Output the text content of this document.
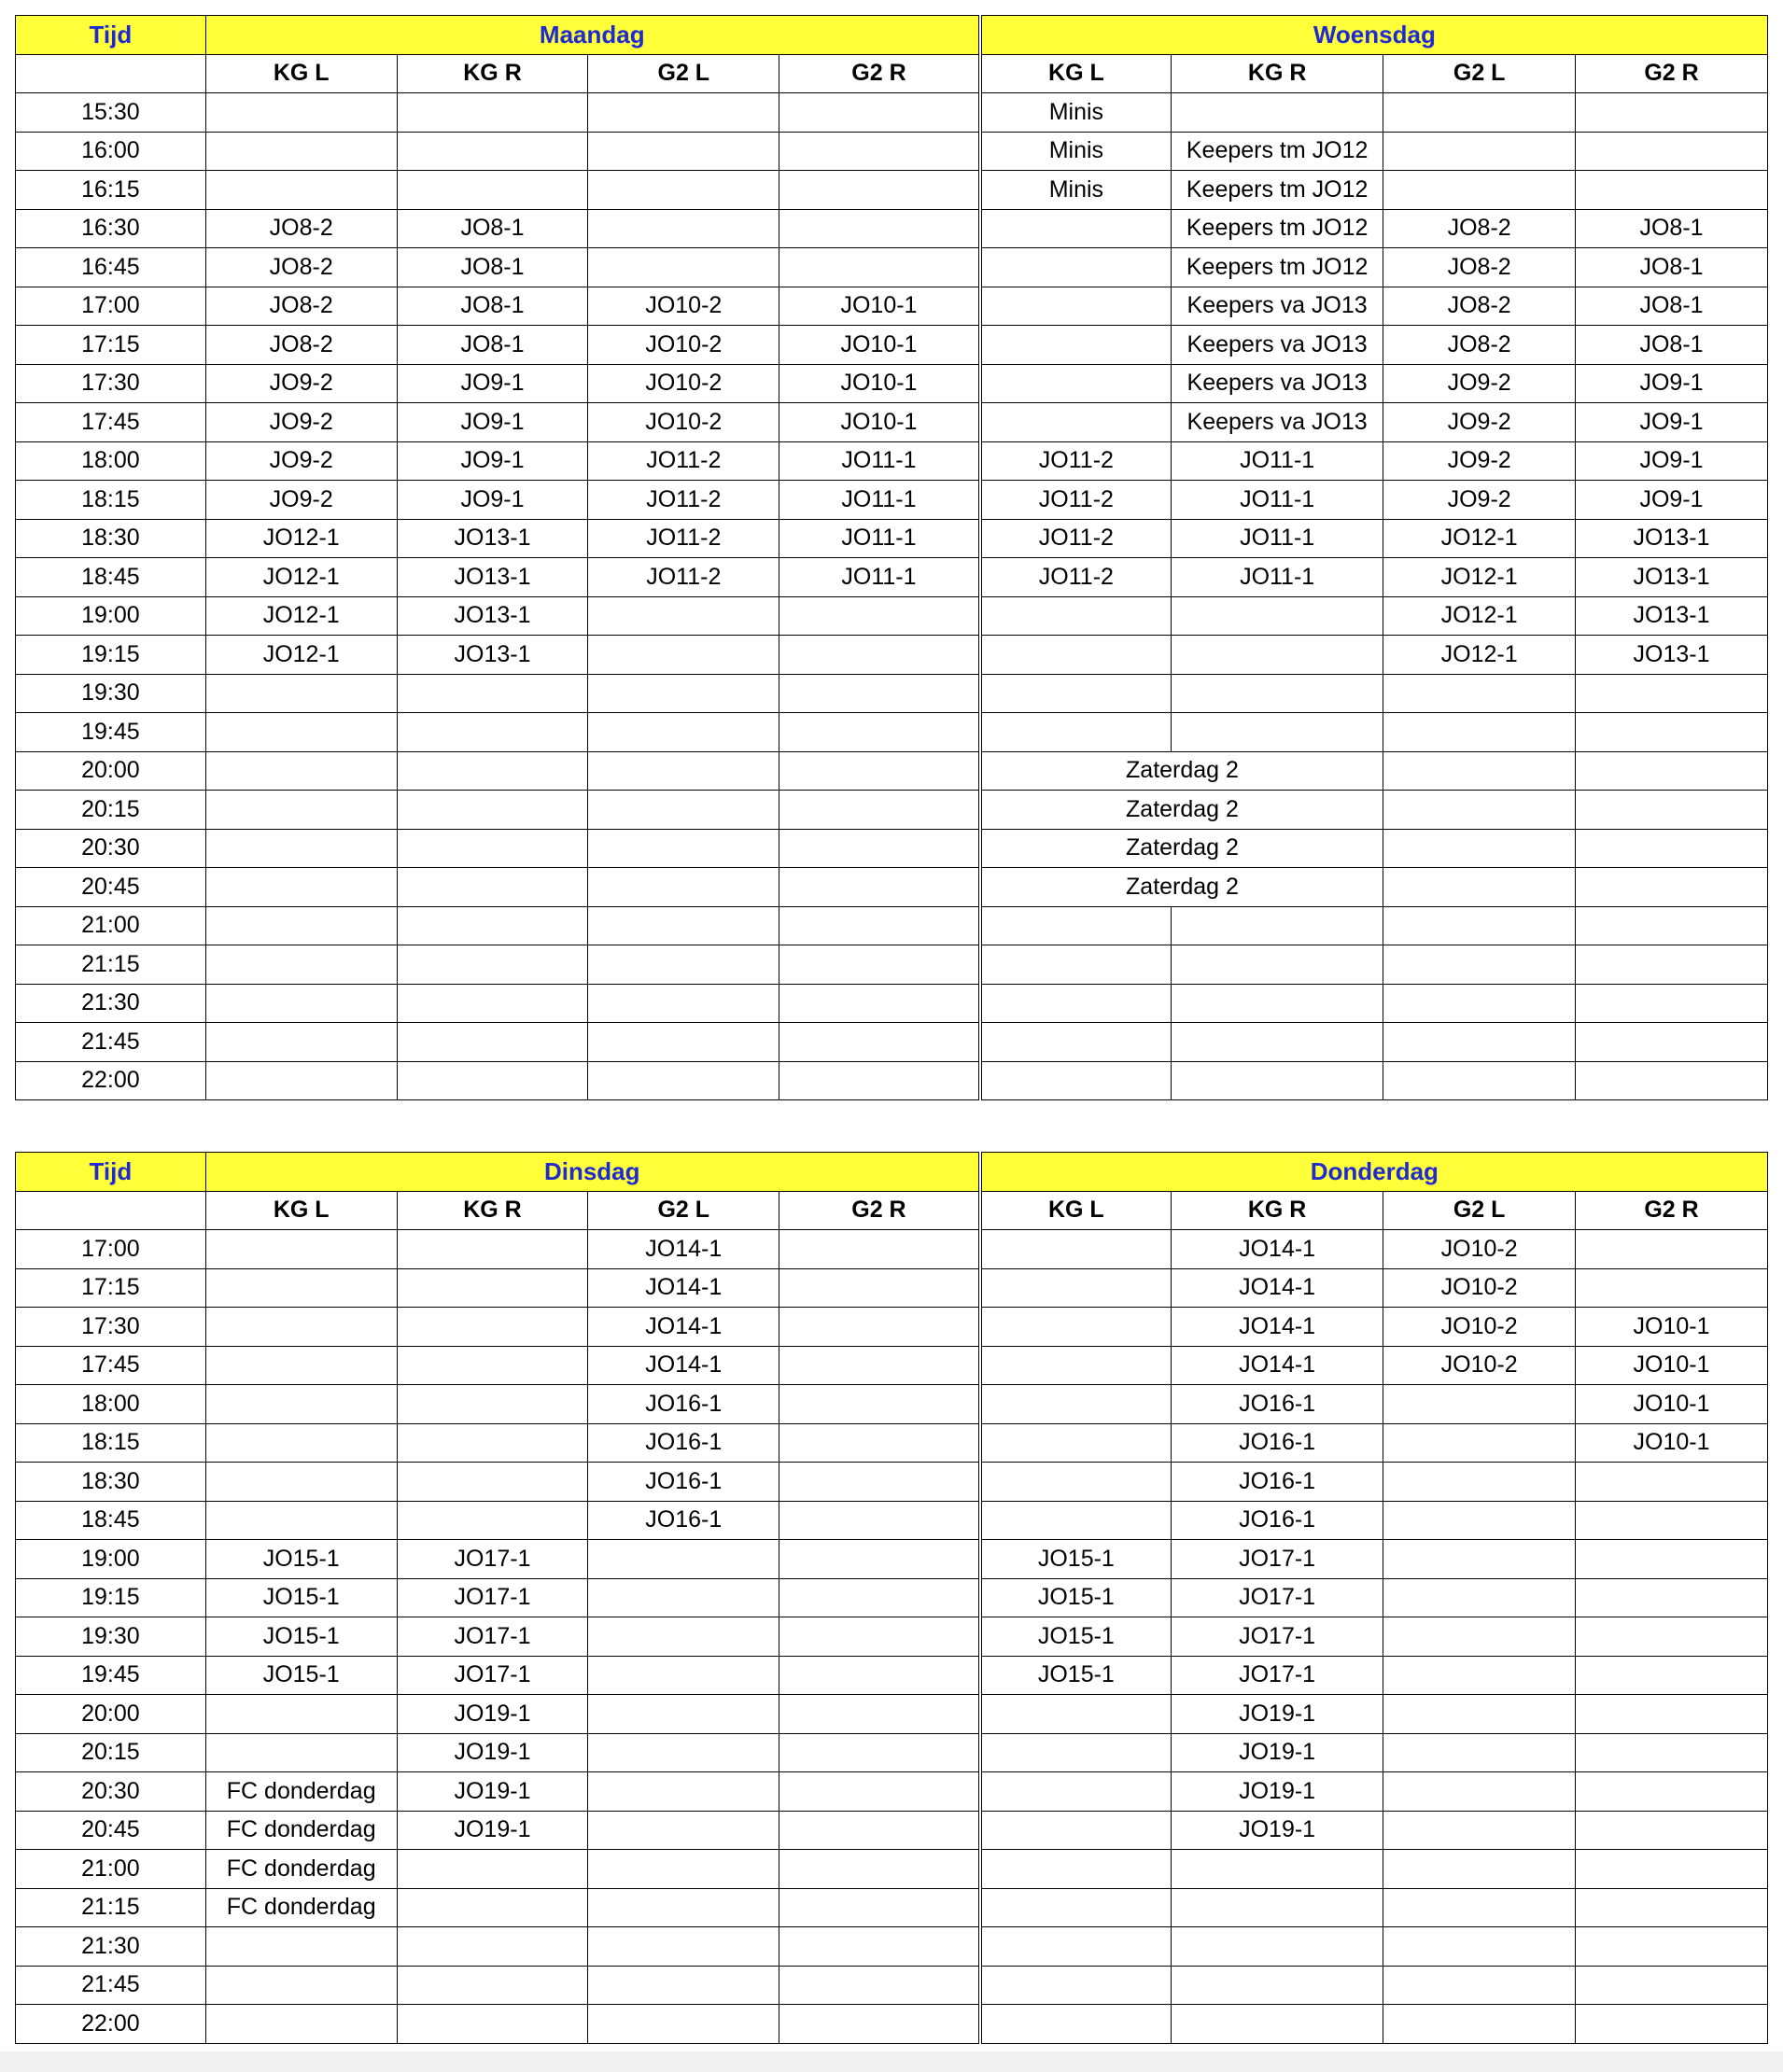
Tijd	Maandag				Woensdag			
	KG L	KG R	G2 L	G2 R	KG L	KG R	G2 L	G2 R
15:30					Minis			
16:00					Minis	Keepers tm JO12		
16:15					Minis	Keepers tm JO12		
16:30	JO8-2	JO8-1				Keepers tm JO12	JO8-2	JO8-1
16:45	JO8-2	JO8-1				Keepers tm JO12	JO8-2	JO8-1
17:00	JO8-2	JO8-1	JO10-2	JO10-1		Keepers va JO13	JO8-2	JO8-1
17:15	JO8-2	JO8-1	JO10-2	JO10-1		Keepers va JO13	JO8-2	JO8-1
17:30	JO9-2	JO9-1	JO10-2	JO10-1		Keepers va JO13	JO9-2	JO9-1
17:45	JO9-2	JO9-1	JO10-2	JO10-1		Keepers va JO13	JO9-2	JO9-1
18:00	JO9-2	JO9-1	JO11-2	JO11-1	JO11-2	JO11-1	JO9-2	JO9-1
18:15	JO9-2	JO9-1	JO11-2	JO11-1	JO11-2	JO11-1	JO9-2	JO9-1
18:30	JO12-1	JO13-1	JO11-2	JO11-1	JO11-2	JO11-1	JO12-1	JO13-1
18:45	JO12-1	JO13-1	JO11-2	JO11-1	JO11-2	JO11-1	JO12-1	JO13-1
19:00	JO12-1	JO13-1					JO12-1	JO13-1
19:15	JO12-1	JO13-1					JO12-1	JO13-1
19:30								
19:45								
20:00					Zaterdag 2			
20:15					Zaterdag 2			
20:30					Zaterdag 2			
20:45					Zaterdag 2			
21:00								
21:15								
21:30								
21:45								
22:00								
Tijd	Dinsdag				Donderdag			
	KG L	KG R	G2 L	G2 R	KG L	KG R	G2 L	G2 R
17:00			JO14-1			JO14-1	JO10-2	
17:15			JO14-1			JO14-1	JO10-2	
17:30			JO14-1			JO14-1	JO10-2	JO10-1
17:45			JO14-1			JO14-1	JO10-2	JO10-1
18:00			JO16-1			JO16-1		JO10-1
18:15			JO16-1			JO16-1		JO10-1
18:30			JO16-1			JO16-1		
18:45			JO16-1			JO16-1		
19:00	JO15-1	JO17-1			JO15-1	JO17-1		
19:15	JO15-1	JO17-1			JO15-1	JO17-1		
19:30	JO15-1	JO17-1			JO15-1	JO17-1		
19:45	JO15-1	JO17-1			JO15-1	JO17-1		
20:00		JO19-1				JO19-1		
20:15		JO19-1				JO19-1		
20:30	FC donderdag	JO19-1				JO19-1		
20:45	FC donderdag	JO19-1				JO19-1		
21:00	FC donderdag							
21:15	FC donderdag							
21:30								
21:45								
22:00								
